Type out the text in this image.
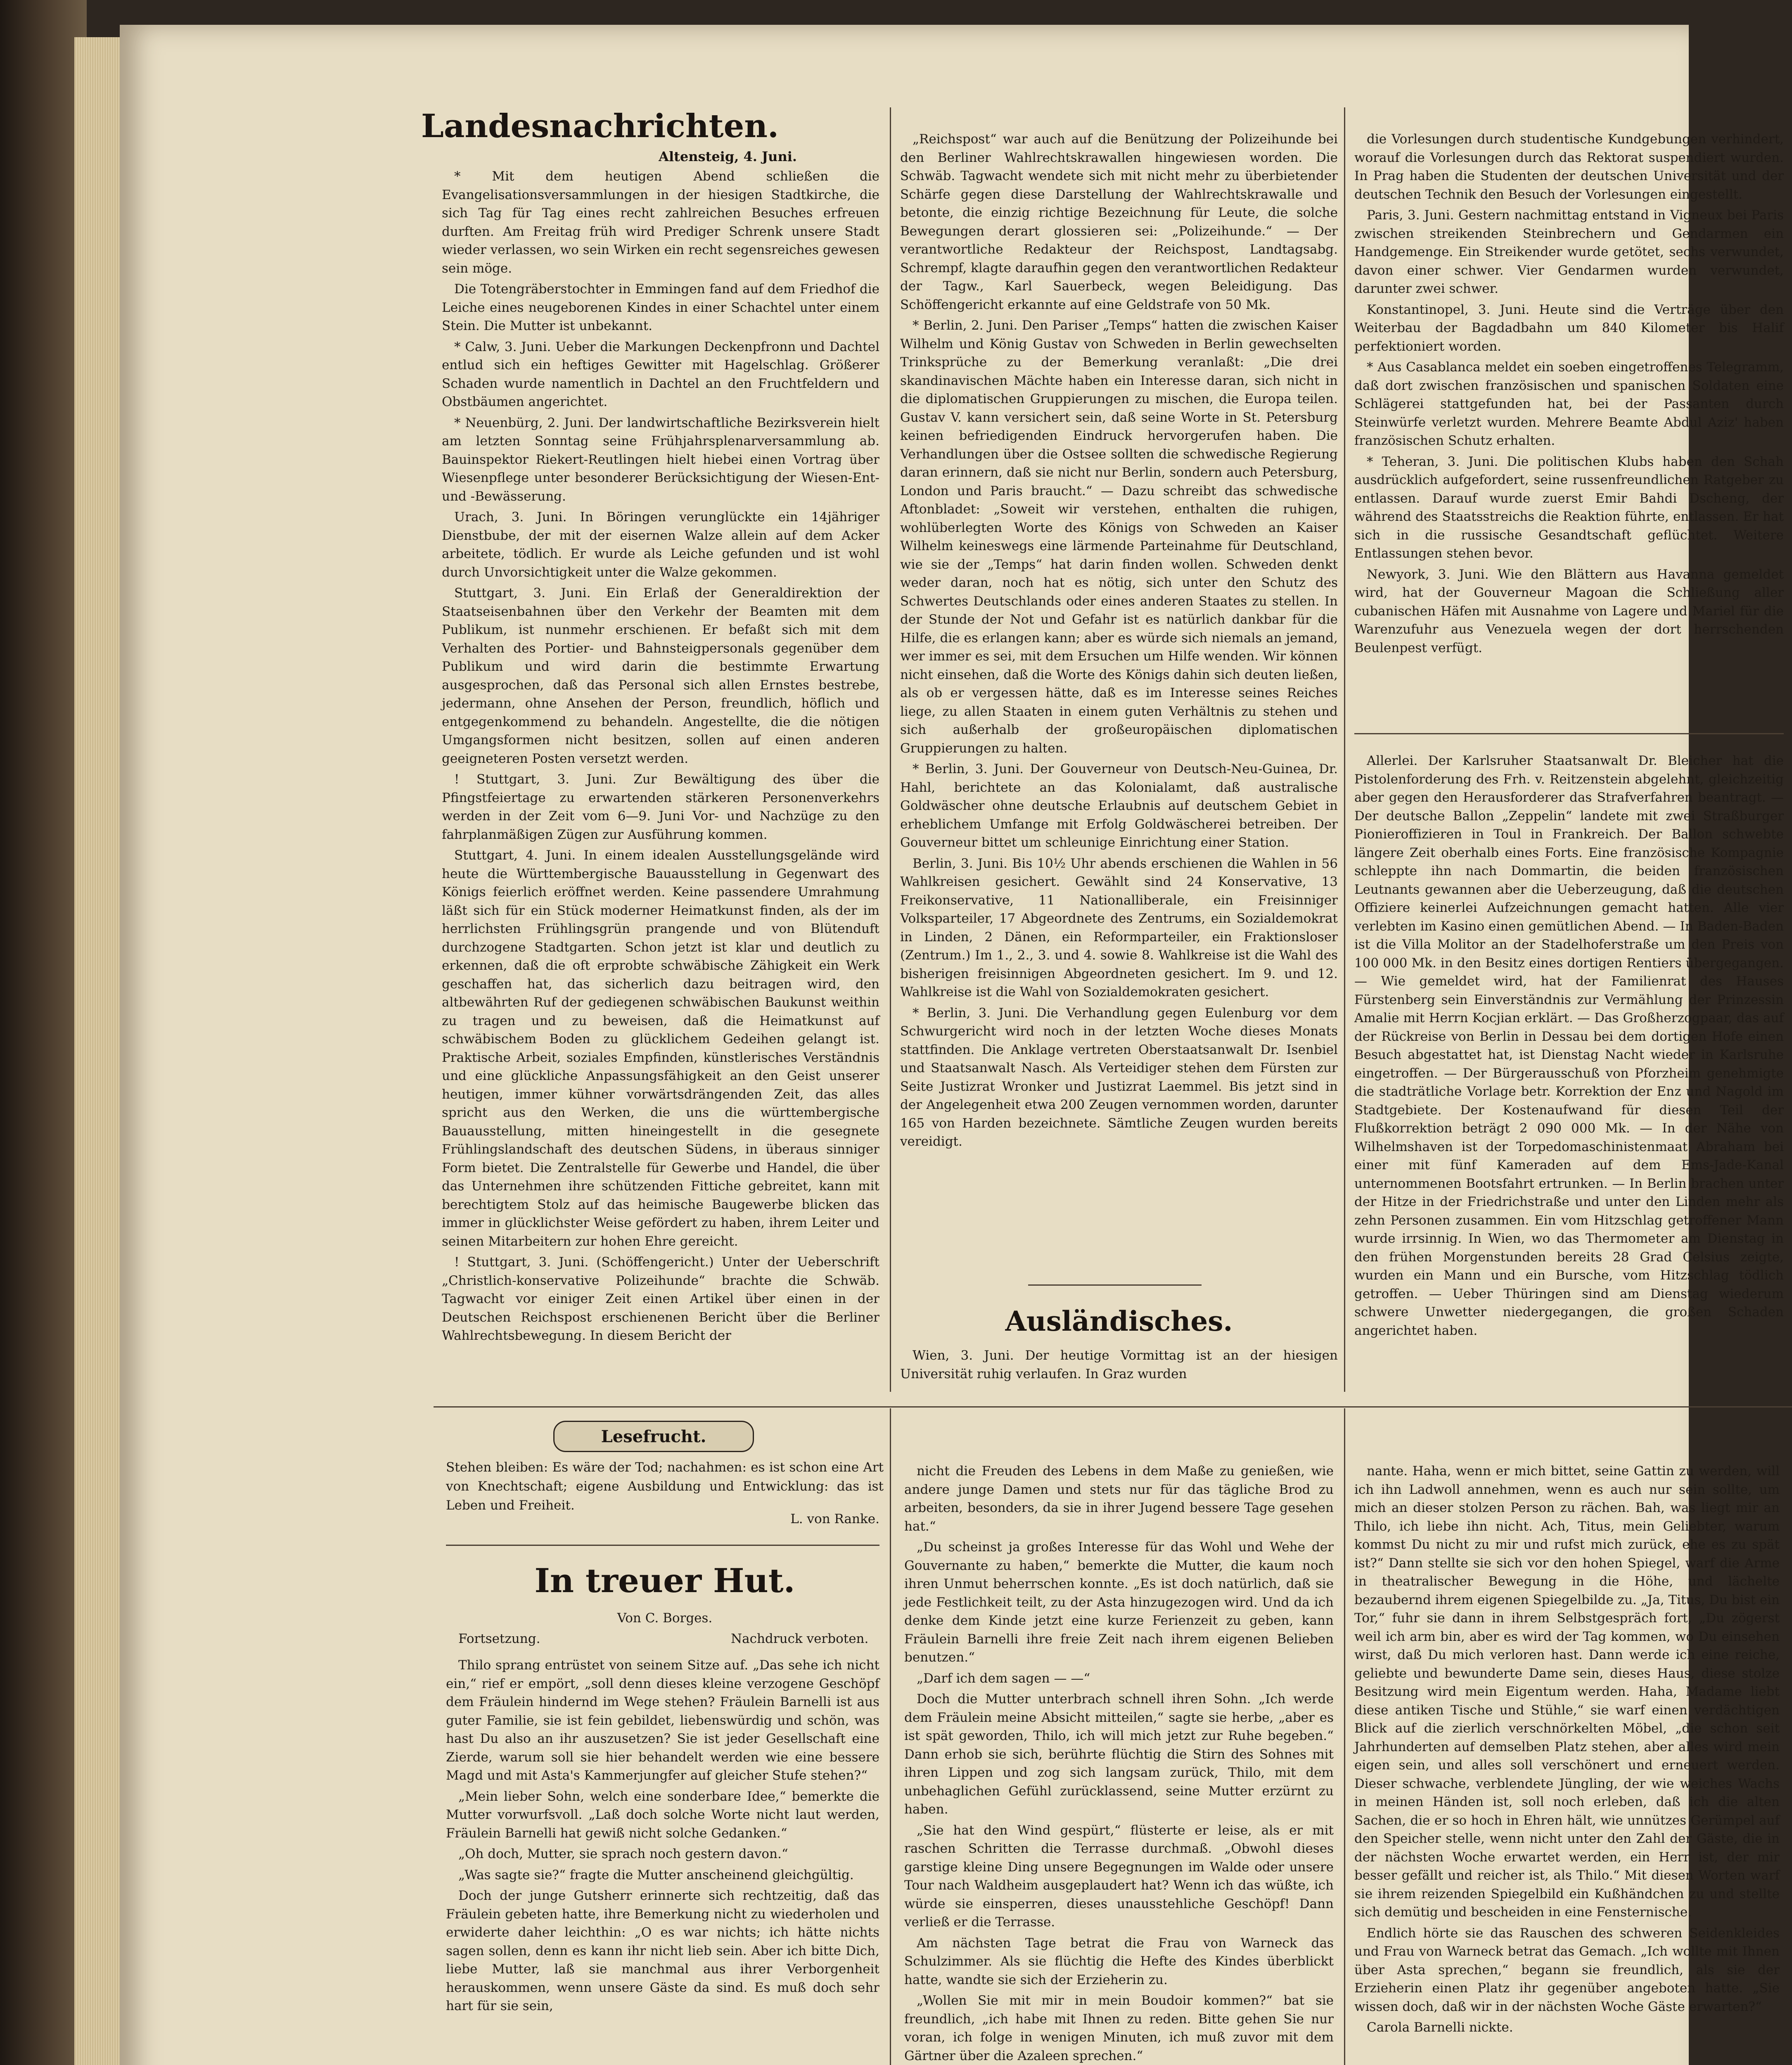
Landesnachrichten.
Altensteig, 4. Juni.

* Mit dem heutigen Abend schließen die Evangelisationsversammlungen in der hiesigen Stadtkirche, die sich Tag für Tag eines recht zahlreichen Besuches erfreuen durften. Am Freitag früh wird Prediger Schrenk unsere Stadt wieder verlassen, wo sein Wirken ein recht segensreiches gewesen sein möge.

Die Totengräberstochter in Emmingen fand auf dem Friedhof die Leiche eines neugeborenen Kindes in einer Schachtel unter einem Stein. Die Mutter ist unbekannt.

* Calw, 3. Juni. Ueber die Markungen Deckenpfronn und Dachtel entlud sich ein heftiges Gewitter mit Hagelschlag. Größerer Schaden wurde namentlich in Dachtel an den Fruchtfeldern und Obstbäumen angerichtet.

* Neuenbürg, 2. Juni. Der landwirtschaftliche Bezirksverein hielt am letzten Sonntag seine Frühjahrsplenarversammlung ab. Bauinspektor Riekert-Reutlingen hielt hiebei einen Vortrag über Wiesenpflege unter besonderer Berücksichtigung der Wiesen-Ent- und -Bewässerung.

Urach, 3. Juni. In Böringen verunglückte ein 14jähriger Dienstbube, der mit der eisernen Walze allein auf dem Acker arbeitete, tödlich. Er wurde als Leiche gefunden und ist wohl durch Unvorsichtigkeit unter die Walze gekommen.

Stuttgart, 3. Juni. Ein Erlaß der Generaldirektion der Staatseisenbahnen über den Verkehr der Beamten mit dem Publikum, ist nunmehr erschienen. Er befaßt sich mit dem Verhalten des Portier- und Bahnsteigpersonals gegenüber dem Publikum und wird darin die bestimmte Erwartung ausgesprochen, daß das Personal sich allen Ernstes bestrebe, jedermann, ohne Ansehen der Person, freundlich, höflich und entgegenkommend zu behandeln. Angestellte, die die nötigen Umgangsformen nicht besitzen, sollen auf einen anderen geeigneteren Posten versetzt werden.

! Stuttgart, 3. Juni. Zur Bewältigung des über die Pfingstfeiertage zu erwartenden stärkeren Personenverkehrs werden in der Zeit vom 6—9. Juni Vor- und Nachzüge zu den fahrplanmäßigen Zügen zur Ausführung kommen.

Stuttgart, 4. Juni. In einem idealen Ausstellungsgelände wird heute die Württembergische Bauausstellung in Gegenwart des Königs feierlich eröffnet werden. Keine passendere Umrahmung läßt sich für ein Stück moderner Heimatkunst finden, als der im herrlichsten Frühlingsgrün prangende und von Blütenduft durchzogene Stadtgarten. Schon jetzt ist klar und deutlich zu erkennen, daß die oft erprobte schwäbische Zähigkeit ein Werk geschaffen hat, das sicherlich dazu beitragen wird, den altbewährten Ruf der gediegenen schwäbischen Baukunst weithin zu tragen und zu beweisen, daß die Heimatkunst auf schwäbischem Boden zu glücklichem Gedeihen gelangt ist. Praktische Arbeit, soziales Empfinden, künstlerisches Verständnis und eine glückliche Anpassungsfähigkeit an den Geist unserer heutigen, immer kühner vorwärtsdrängenden Zeit, das alles spricht aus den Werken, die uns die württembergische Bauausstellung, mitten hineingestellt in die gesegnete Frühlingslandschaft des deutschen Südens, in überaus sinniger Form bietet. Die Zentralstelle für Gewerbe und Handel, die über das Unternehmen ihre schützenden Fittiche gebreitet, kann mit berechtigtem Stolz auf das heimische Baugewerbe blicken das immer in glücklichster Weise gefördert zu haben, ihrem Leiter und seinen Mitarbeitern zur hohen Ehre gereicht.

! Stuttgart, 3. Juni. (Schöffengericht.) Unter der Ueberschrift „Christlich-konservative Polizeihunde“ brachte die Schwäb. Tagwacht vor einiger Zeit einen Artikel über einen in der Deutschen Reichspost erschienenen Bericht über die Berliner Wahlrechtsbewegung. In diesem Bericht der

„Reichspost“ war auch auf die Benützung der Polizeihunde bei den Berliner Wahlrechtskrawallen hingewiesen worden. Die Schwäb. Tagwacht wendete sich mit nicht mehr zu überbietender Schärfe gegen diese Darstellung der Wahlrechtskrawalle und betonte, die einzig richtige Bezeichnung für Leute, die solche Bewegungen derart glossieren sei: „Polizeihunde.“ — Der verantwortliche Redakteur der Reichspost, Landtagsabg. Schrempf, klagte daraufhin gegen den verantwortlichen Redakteur der Tagw., Karl Sauerbeck, wegen Beleidigung. Das Schöffengericht erkannte auf eine Geldstrafe von 50 Mk.

* Berlin, 2. Juni. Den Pariser „Temps“ hatten die zwischen Kaiser Wilhelm und König Gustav von Schweden in Berlin gewechselten Trinksprüche zu der Bemerkung veranlaßt: „Die drei skandinavischen Mächte haben ein Interesse daran, sich nicht in die diplomatischen Gruppierungen zu mischen, die Europa teilen. Gustav V. kann versichert sein, daß seine Worte in St. Petersburg keinen befriedigenden Eindruck hervorgerufen haben. Die Verhandlungen über die Ostsee sollten die schwedische Regierung daran erinnern, daß sie nicht nur Berlin, sondern auch Petersburg, London und Paris braucht.“ — Dazu schreibt das schwedische Aftonbladet: „Soweit wir verstehen, enthalten die ruhigen, wohlüberlegten Worte des Königs von Schweden an Kaiser Wilhelm keineswegs eine lärmende Parteinahme für Deutschland, wie sie der „Temps“ hat darin finden wollen. Schweden denkt weder daran, noch hat es nötig, sich unter den Schutz des Schwertes Deutschlands oder eines anderen Staates zu stellen. In der Stunde der Not und Gefahr ist es natürlich dankbar für die Hilfe, die es erlangen kann; aber es würde sich niemals an jemand, wer immer es sei, mit dem Ersuchen um Hilfe wenden. Wir können nicht einsehen, daß die Worte des Königs dahin sich deuten ließen, als ob er vergessen hätte, daß es im Interesse seines Reiches liege, zu allen Staaten in einem guten Verhältnis zu stehen und sich außerhalb der großeuropäischen diplomatischen Gruppierungen zu halten.

* Berlin, 3. Juni. Der Gouverneur von Deutsch-Neu-Guinea, Dr. Hahl, berichtete an das Kolonialamt, daß australische Goldwäscher ohne deutsche Erlaubnis auf deutschem Gebiet in erheblichem Umfange mit Erfolg Goldwäscherei betreiben. Der Gouverneur bittet um schleunige Einrichtung einer Station.

Berlin, 3. Juni. Bis 10½ Uhr abends erschienen die Wahlen in 56 Wahlkreisen gesichert. Gewählt sind 24 Konservative, 13 Freikonservative, 11 Nationalliberale, ein Freisinniger Volksparteiler, 17 Abgeordnete des Zentrums, ein Sozialdemokrat in Linden, 2 Dänen, ein Reformparteiler, ein Fraktionsloser (Zentrum.) Im 1., 2., 3. und 4. sowie 8. Wahlkreise ist die Wahl des bisherigen freisinnigen Abgeordneten gesichert. Im 9. und 12. Wahlkreise ist die Wahl von Sozialdemokraten gesichert.

* Berlin, 3. Juni. Die Verhandlung gegen Eulenburg vor dem Schwurgericht wird noch in der letzten Woche dieses Monats stattfinden. Die Anklage vertreten Oberstaatsanwalt Dr. Isenbiel und Staatsanwalt Nasch. Als Verteidiger stehen dem Fürsten zur Seite Justizrat Wronker und Justizrat Laemmel. Bis jetzt sind in der Angelegenheit etwa 200 Zeugen vernommen worden, darunter 165 von Harden bezeichnete. Sämtliche Zeugen wurden bereits vereidigt.

Ausländisches.

Wien, 3. Juni. Der heutige Vormittag ist an der hiesigen Universität ruhig verlaufen. In Graz wurden

die Vorlesungen durch studentische Kundgebungen verhindert, worauf die Vorlesungen durch das Rektorat suspendiert wurden. In Prag haben die Studenten der deutschen Universität und der deutschen Technik den Besuch der Vorlesungen eingestellt.

Paris, 3. Juni. Gestern nachmittag entstand in Vigneux bei Paris zwischen streikenden Steinbrechern und Gendarmen ein Handgemenge. Ein Streikender wurde getötet, sechs verwundet, davon einer schwer. Vier Gendarmen wurden verwundet, darunter zwei schwer.

Konstantinopel, 3. Juni. Heute sind die Verträge über den Weiterbau der Bagdadbahn um 840 Kilometer bis Halif perfektioniert worden.

* Aus Casablanca meldet ein soeben eingetroffenes Telegramm, daß dort zwischen französischen und spanischen Soldaten eine Schlägerei stattgefunden hat, bei der Passanten durch Steinwürfe verletzt wurden. Mehrere Beamte Abdul Aziz' haben französischen Schutz erhalten.

* Teheran, 3. Juni. Die politischen Klubs haben den Schah ausdrücklich aufgefordert, seine russenfreundlichen Ratgeber zu entlassen. Darauf wurde zuerst Emir Bahdi Dscheng, der während des Staatsstreichs die Reaktion führte, entlassen. Er hat sich in die russische Gesandtschaft geflüchtet. Weitere Entlassungen stehen bevor.

Newyork, 3. Juni. Wie den Blättern aus Havanna gemeldet wird, hat der Gouverneur Magoan die Schließung aller cubanischen Häfen mit Ausnahme von Lagere und Mariel für die Warenzufuhr aus Venezuela wegen der dort herrschenden Beulenpest verfügt.

Allerlei. Der Karlsruher Staatsanwalt Dr. Bleicher hat die Pistolenforderung des Frh. v. Reitzenstein abgelehnt, gleichzeitig aber gegen den Herausforderer das Strafverfahren beantragt. — Der deutsche Ballon „Zeppelin“ landete mit zwei Straßburger Pionieroffizieren in Toul in Frankreich. Der Ballon schwebte längere Zeit oberhalb eines Forts. Eine französische Kompagnie schleppte ihn nach Dommartin, die beiden französischen Leutnants gewannen aber die Ueberzeugung, daß die deutschen Offiziere keinerlei Aufzeichnungen gemacht hatten. Alle vier verlebten im Kasino einen gemütlichen Abend. — In Baden-Baden ist die Villa Molitor an der Stadelhoferstraße um den Preis von 100 000 Mk. in den Besitz eines dortigen Rentiers übergegangen. — Wie gemeldet wird, hat der Familienrat des Hauses Fürstenberg sein Einverständnis zur Vermählung der Prinzessin Amalie mit Herrn Kocjian erklärt. — Das Großherzogpaar, das auf der Rückreise von Berlin in Dessau bei dem dortigen Hofe einen Besuch abgestattet hat, ist Dienstag Nacht wieder in Karlsruhe eingetroffen. — Der Bürgerausschuß von Pforzheim genehmigte die stadträtliche Vorlage betr. Korrektion der Enz und Nagold im Stadtgebiete. Der Kostenaufwand für diesen Teil der Flußkorrektion beträgt 2 090 000 Mk. — In der Nähe von Wilhelmshaven ist der Torpedomaschinistenmaat Abraham bei einer mit fünf Kameraden auf dem Ems-Jade-Kanal unternommenen Bootsfahrt ertrunken. — In Berlin brachen unter der Hitze in der Friedrichstraße und unter den Linden mehr als zehn Personen zusammen. Ein vom Hitzschlag getroffener Mann wurde irrsinnig. In Wien, wo das Thermometer am Dienstag in den frühen Morgenstunden bereits 28 Grad Celsius zeigte, wurden ein Mann und ein Bursche, vom Hitzschlag tödlich getroffen. — Ueber Thüringen sind am Dienstag wiederum schwere Unwetter niedergegangen, die großen Schaden angerichtet haben.

Lesefrucht.
Stehen bleiben: Es wäre der Tod; nachahmen: es ist schon eine Art von Knechtschaft; eigene Ausbildung und Entwicklung: das ist Leben und Freiheit.
L. von Ranke.
In treuer Hut.
Von C. Borges.
Fortsetzung.	Nachdruck verboten.

Thilo sprang entrüstet von seinem Sitze auf. „Das sehe ich nicht ein,“ rief er empört, „soll denn dieses kleine verzogene Geschöpf dem Fräulein hindernd im Wege stehen? Fräulein Barnelli ist aus guter Familie, sie ist fein gebildet, liebenswürdig und schön, was hast Du also an ihr auszusetzen? Sie ist jeder Gesellschaft eine Zierde, warum soll sie hier behandelt werden wie eine bessere Magd und mit Asta's Kammerjungfer auf gleicher Stufe stehen?“

„Mein lieber Sohn, welch eine sonderbare Idee,“ bemerkte die Mutter vorwurfsvoll. „Laß doch solche Worte nicht laut werden, Fräulein Barnelli hat gewiß nicht solche Gedanken.“

„Oh doch, Mutter, sie sprach noch gestern davon.“

„Was sagte sie?“ fragte die Mutter anscheinend gleichgültig.

Doch der junge Gutsherr erinnerte sich rechtzeitig, daß das Fräulein gebeten hatte, ihre Bemerkung nicht zu wiederholen und erwiderte daher leichthin: „O es war nichts; ich hätte nichts sagen sollen, denn es kann ihr nicht lieb sein. Aber ich bitte Dich, liebe Mutter, laß sie manchmal aus ihrer Verborgenheit herauskommen, wenn unsere Gäste da sind. Es muß doch sehr hart für sie sein,

nicht die Freuden des Lebens in dem Maße zu genießen, wie andere junge Damen und stets nur für das tägliche Brod zu arbeiten, besonders, da sie in ihrer Jugend bessere Tage gesehen hat.“

„Du scheinst ja großes Interesse für das Wohl und Wehe der Gouvernante zu haben,“ bemerkte die Mutter, die kaum noch ihren Unmut beherrschen konnte. „Es ist doch natürlich, daß sie jede Festlichkeit teilt, zu der Asta hinzugezogen wird. Und da ich denke dem Kinde jetzt eine kurze Ferienzeit zu geben, kann Fräulein Barnelli ihre freie Zeit nach ihrem eigenen Belieben benutzen.“

„Darf ich dem sagen — —“

Doch die Mutter unterbrach schnell ihren Sohn. „Ich werde dem Fräulein meine Absicht mitteilen,“ sagte sie herbe, „aber es ist spät geworden, Thilo, ich will mich jetzt zur Ruhe begeben.“ Dann erhob sie sich, berührte flüchtig die Stirn des Sohnes mit ihren Lippen und zog sich langsam zurück, Thilo, mit dem unbehaglichen Gefühl zurücklassend, seine Mutter erzürnt zu haben.

„Sie hat den Wind gespürt,“ flüsterte er leise, als er mit raschen Schritten die Terrasse durchmaß. „Obwohl dieses garstige kleine Ding unsere Begegnungen im Walde oder unsere Tour nach Waldheim ausgeplaudert hat? Wenn ich das wüßte, ich würde sie einsperren, dieses unausstehliche Geschöpf! Dann verließ er die Terrasse.

Am nächsten Tage betrat die Frau von Warneck das Schulzimmer. Als sie flüchtig die Hefte des Kindes überblickt hatte, wandte sie sich der Erzieherin zu.

„Wollen Sie mit mir in mein Boudoir kommen?“ bat sie freundlich, „ich habe mit Ihnen zu reden. Bitte gehen Sie nur voran, ich folge in wenigen Minuten, ich muß zuvor mit dem Gärtner über die Azaleen sprechen.“

nante. Haha, wenn er mich bittet, seine Gattin zu werden, will ich ihn Ladwoll annehmen, wenn es auch nur sein sollte, um mich an dieser stolzen Person zu rächen. Bah, was liegt mir an Thilo, ich liebe ihn nicht. Ach, Titus, mein Geliebter, warum kommst Du nicht zu mir und rufst mich zurück, ehe es zu spät ist?“ Dann stellte sie sich vor den hohen Spiegel, warf die Arme in theatralischer Bewegung in die Höhe, und lächelte bezaubernd ihrem eigenen Spiegelbilde zu. „Ja, Titus, Du bist ein Tor,“ fuhr sie dann in ihrem Selbstgespräch fort, „Du zögerst weil ich arm bin, aber es wird der Tag kommen, wo Du einsehen wirst, daß Du mich verloren hast. Dann werde ich eine reiche, geliebte und bewunderte Dame sein, dieses Haus, diese stolze Besitzung wird mein Eigentum werden. Haha, Madame liebt diese antiken Tische und Stühle,“ sie warf einen verdächtigen Blick auf die zierlich verschnörkelten Möbel, „die schon seit Jahrhunderten auf demselben Platz stehen, aber alles wird mein eigen sein, und alles soll verschönert und erneuert werden. Dieser schwache, verblendete Jüngling, der wie weiches Wachs in meinen Händen ist, soll noch erleben, daß ich die alten Sachen, die er so hoch in Ehren hält, wie unnützes Gerümpel auf den Speicher stelle, wenn nicht unter den Zahl der Gäste, die in der nächsten Woche erwartet werden, ein Herr ist, der mir besser gefällt und reicher ist, als Thilo.“ Mit diesen Worten warf sie ihrem reizenden Spiegelbild ein Kußhändchen zu und stellte sich demütig und bescheiden in eine Fensternische.

Endlich hörte sie das Rauschen des schweren Seidenkleides und Frau von Warneck betrat das Gemach. „Ich wollte mit Ihnen über Asta sprechen,“ begann sie freundlich, als sie der Erzieherin einen Platz ihr gegenüber angeboten hatte. „Sie wissen doch, daß wir in der nächsten Woche Gäste erwarten?“

Carola Barnelli nickte.
